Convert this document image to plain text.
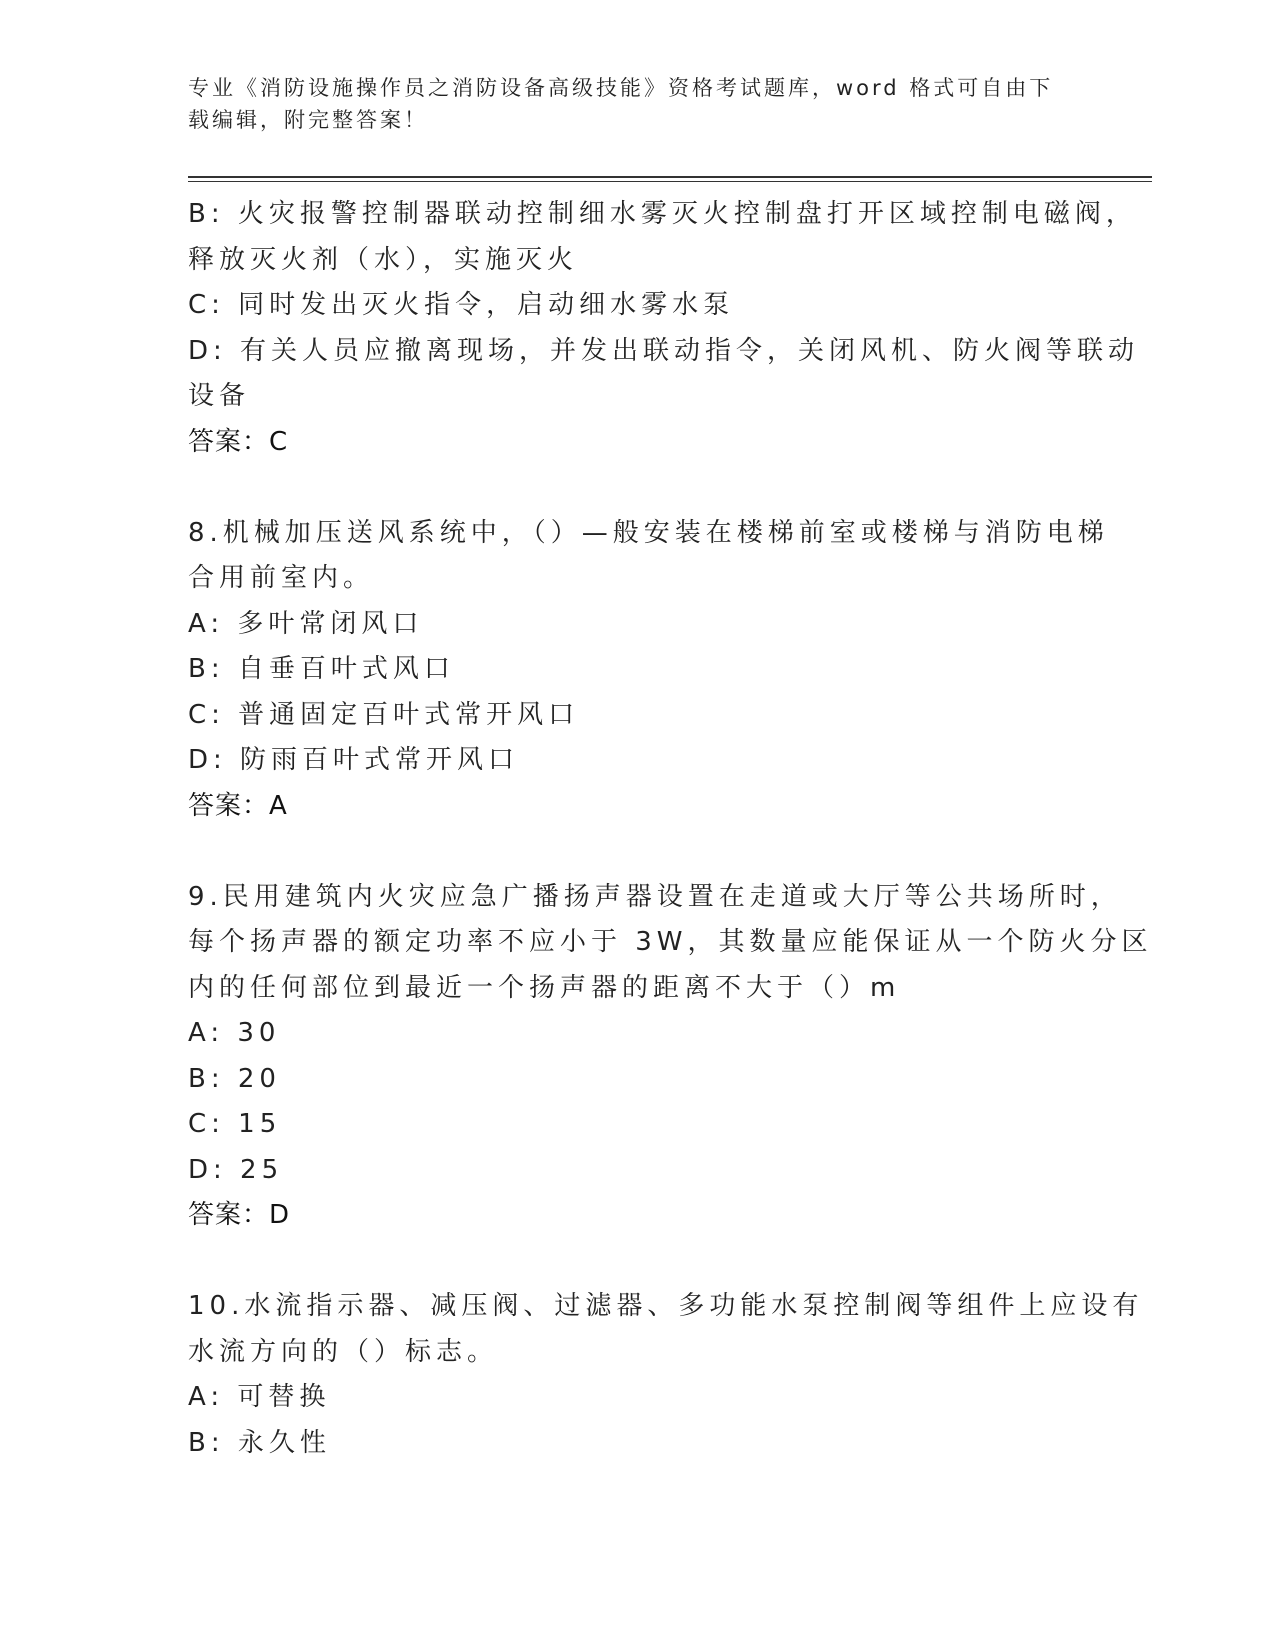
专业《消防设施操作员之消防设备高级技能》资格考试题库，word 格式可自由下
载编辑，附完整答案！
B: 火灾报警控制器联动控制细水雾灭火控制盘打开区域控制电磁阀，
释放灭火剂（水），实施灭火
C: 同时发出灭火指令，启动细水雾水泵
D: 有关人员应撤离现场，并发出联动指令，关闭风机、防火阀等联动
设备
答案：C
8.机械加压送风系统中，（）—般安装在楼梯前室或楼梯与消防电梯
合用前室内。
A: 多叶常闭风口
B: 自垂百叶式风口
C: 普通固定百叶式常开风口
D: 防雨百叶式常开风口
答案：A
9.民用建筑内火灾应急广播扬声器设置在走道或大厅等公共场所时，
每个扬声器的额定功率不应小于 3W，其数量应能保证从一个防火分区
内的任何部位到最近一个扬声器的距离不大于（）m
A: 30
B: 20
C: 15
D: 25
答案：D
10.水流指示器、减压阀、过滤器、多功能水泵控制阀等组件上应设有
水流方向的（）标志。
A: 可替换
B: 永久性
